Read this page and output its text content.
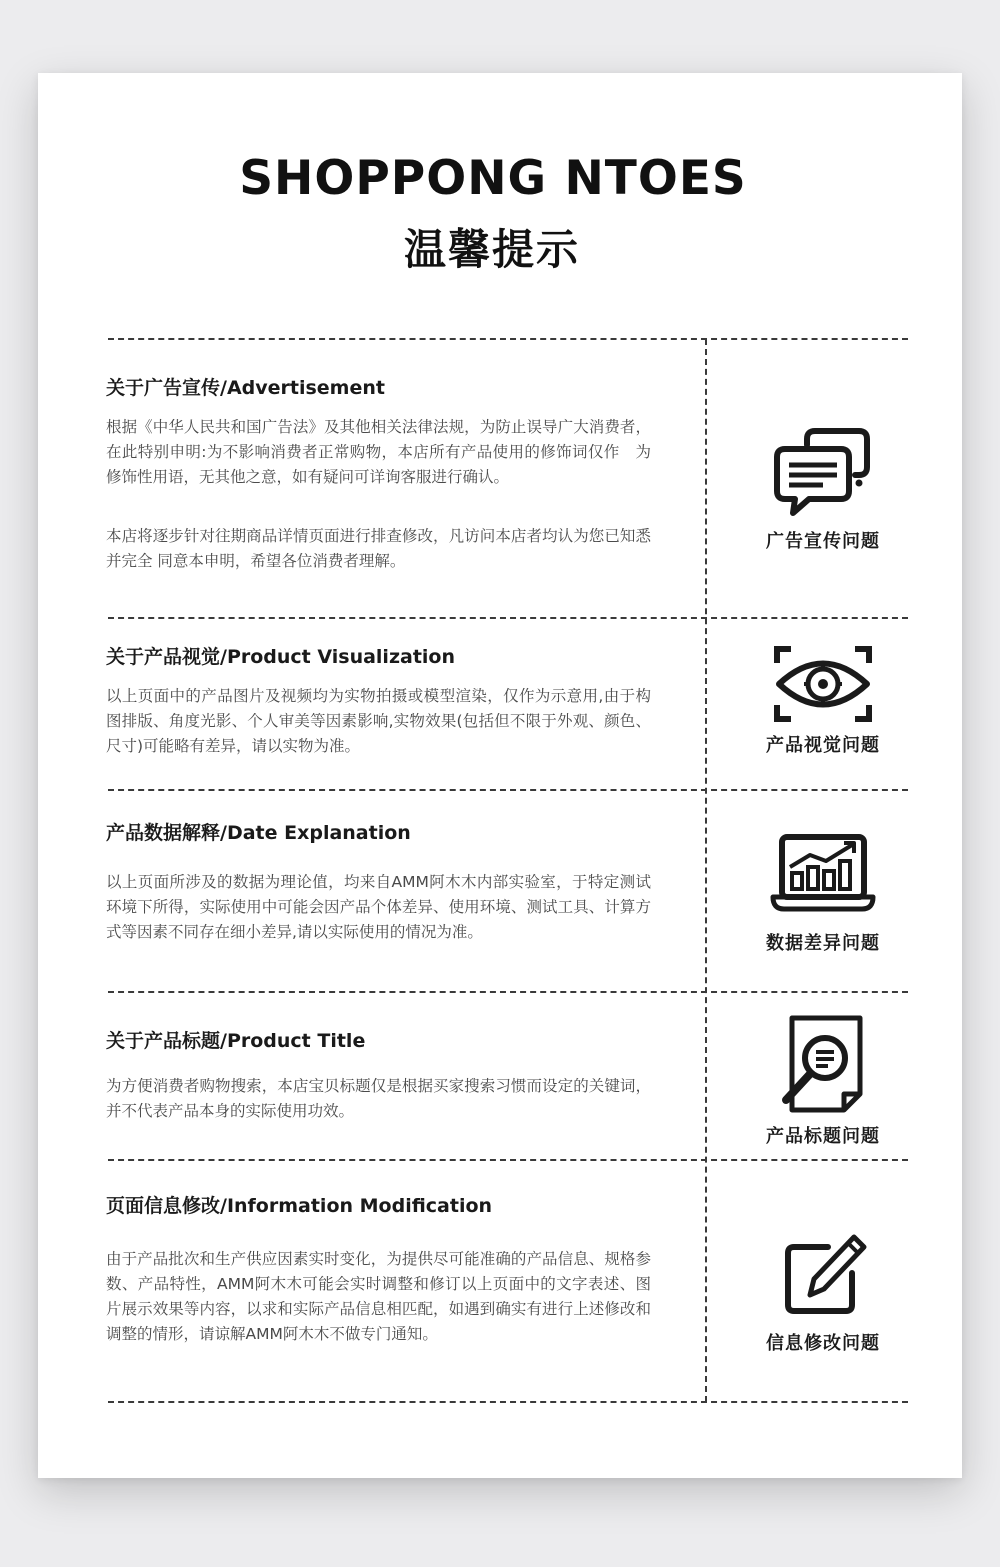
SHOPPONG NTOES
温馨提示
关于广告宣传/Advertisement

根据《中华人民共和国广告法》及其他相关法律法规，为防止误导广大消费者，在此特别申明:为不影响消费者正常购物，本店所有产品使用的修饰词仅作　为修饰性用语，无其他之意，如有疑问可详询客服进行确认。

本店将逐步针对往期商品详情页面进行排查修改，凡访问本店者均认为您已知悉并完全 同意本申明，希望各位消费者理解。

广告宣传问题
关于产品视觉/Product Visualization

以上页面中的产品图片及视频均为实物拍摄或模型渲染，仅作为示意用,由于构图排版、角度光影、个人审美等因素影响,实物效果(包括但不限于外观、颜色、尺寸)可能略有差异，请以实物为准。	产品视觉问题
产品数据解释/Date Explanation

以上页面所涉及的数据为理论值，均来自AMM阿木木内部实验室，于特定测试环境下所得，实际使用中可能会因产品个体差异、使用环境、测试工具、计算方式等因素不同存在细小差异,请以实际使用的情况为准。

数据差异问题
关于产品标题/Product Title

为方便消费者购物搜索，本店宝贝标题仅是根据买家搜索习惯而设定的关键词，并不代表产品本身的实际使用功效。

产品标题问题
页面信息修改/Information Modification

由于产品批次和生产供应因素实时变化，为提供尽可能准确的产品信息、规格参数、产品特性，AMM阿木木可能会实时调整和修订以上页面中的文字表述、图片展示效果等内容，以求和实际产品信息相匹配，如遇到确实有进行上述修改和调整的情形，请谅解AMM阿木木不做专门通知。	信息修改问题
